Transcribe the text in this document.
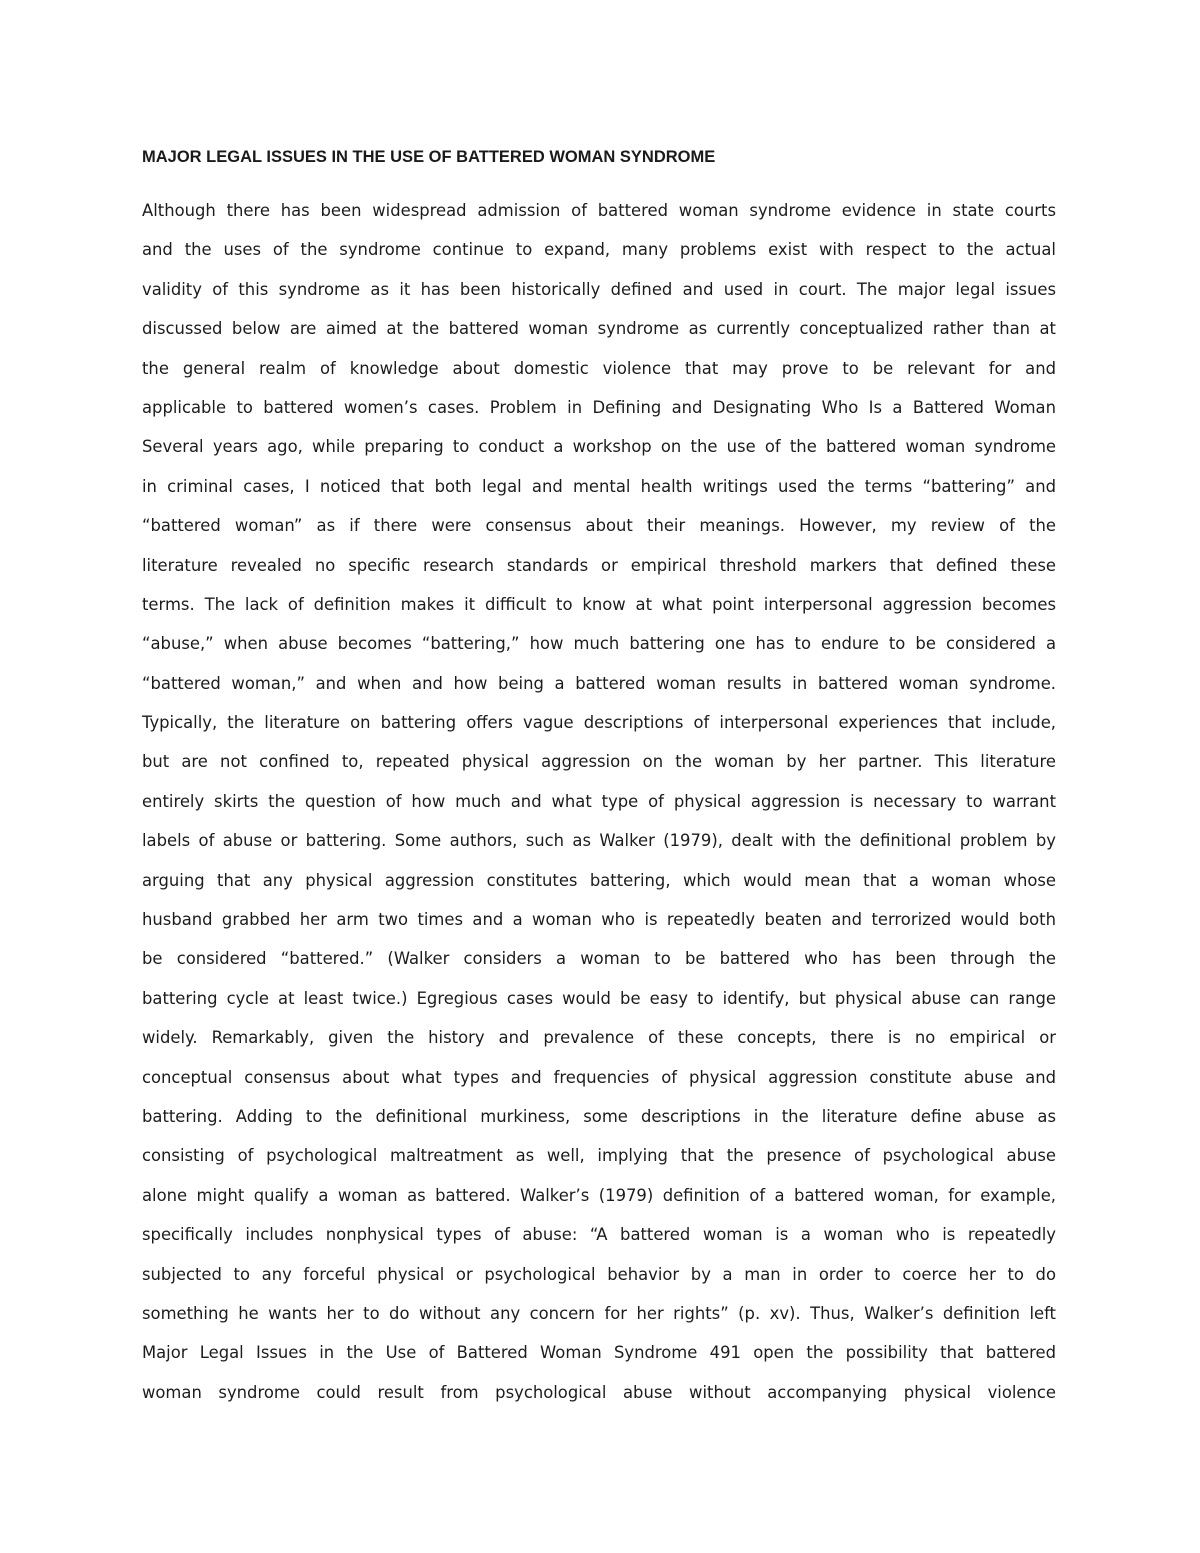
MAJOR LEGAL ISSUES IN THE USE OF BATTERED WOMAN SYNDROME
Although there has been widespread admission of battered woman syndrome evidence in state courts
and the uses of the syndrome continue to expand, many problems exist with respect to the actual
validity of this syndrome as it has been historically defined and used in court. The major legal issues
discussed below are aimed at the battered woman syndrome as currently conceptualized rather than at
the general realm of knowledge about domestic violence that may prove to be relevant for and
applicable to battered women’s cases. Problem in Defining and Designating Who Is a Battered Woman
Several years ago, while preparing to conduct a workshop on the use of the battered woman syndrome
in criminal cases, I noticed that both legal and mental health writings used the terms “battering” and
“battered woman” as if there were consensus about their meanings. However, my review of the
literature revealed no specific research standards or empirical threshold markers that defined these
terms. The lack of definition makes it difficult to know at what point interpersonal aggression becomes
“abuse,” when abuse becomes “battering,” how much battering one has to endure to be considered a
“battered woman,” and when and how being a battered woman results in battered woman syndrome.
Typically, the literature on battering offers vague descriptions of interpersonal experiences that include,
but are not confined to, repeated physical aggression on the woman by her partner. This literature
entirely skirts the question of how much and what type of physical aggression is necessary to warrant
labels of abuse or battering. Some authors, such as Walker (1979), dealt with the definitional problem by
arguing that any physical aggression constitutes battering, which would mean that a woman whose
husband grabbed her arm two times and a woman who is repeatedly beaten and terrorized would both
be considered “battered.” (Walker considers a woman to be battered who has been through the
battering cycle at least twice.) Egregious cases would be easy to identify, but physical abuse can range
widely. Remarkably, given the history and prevalence of these concepts, there is no empirical or
conceptual consensus about what types and frequencies of physical aggression constitute abuse and
battering. Adding to the definitional murkiness, some descriptions in the literature define abuse as
consisting of psychological maltreatment as well, implying that the presence of psychological abuse
alone might qualify a woman as battered. Walker’s (1979) definition of a battered woman, for example,
specifically includes nonphysical types of abuse: “A battered woman is a woman who is repeatedly
subjected to any forceful physical or psychological behavior by a man in order to coerce her to do
something he wants her to do without any concern for her rights” (p. xv). Thus, Walker’s definition left
Major Legal Issues in the Use of Battered Woman Syndrome 491 open the possibility that battered
woman syndrome could result from psychological abuse without accompanying physical violence
